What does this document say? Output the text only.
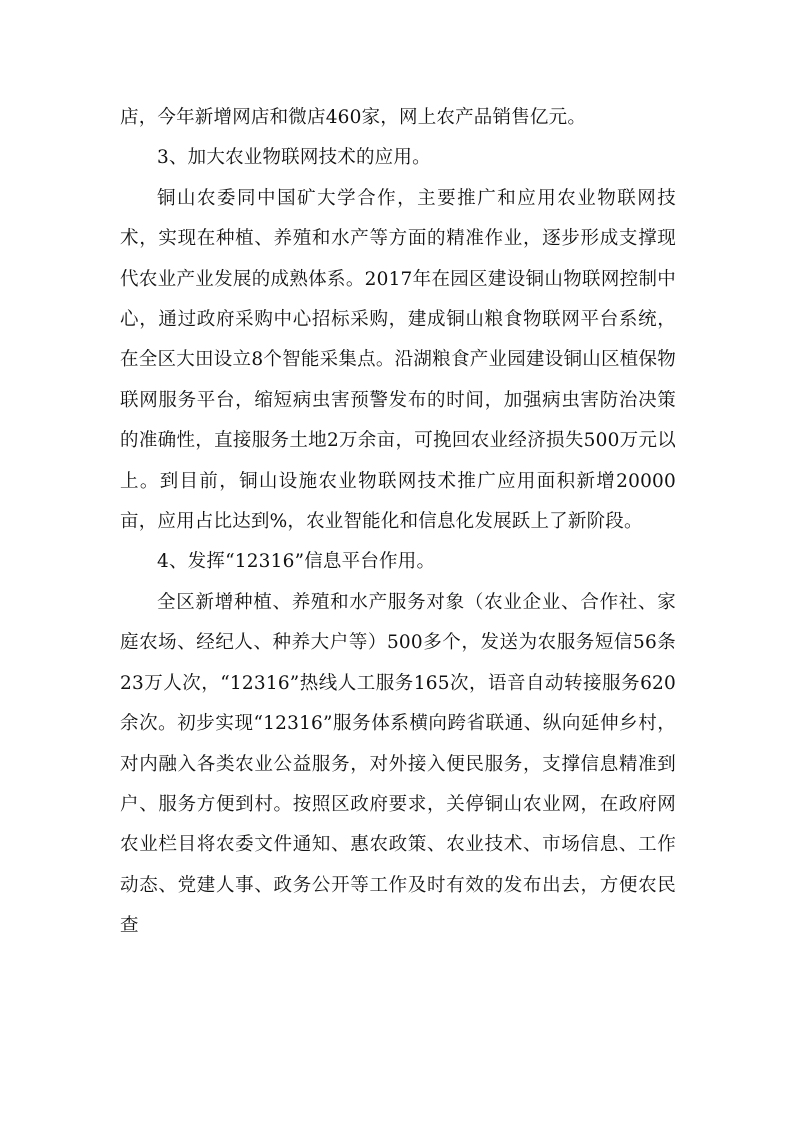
店，今年新增网店和微店460家，网上农产品销售亿元。

3、加大农业物联网技术的应用。

铜山农委同中国矿大学合作，主要推广和应用农业物联网技术，实现在种植、养殖和水产等方面的精准作业，逐步形成支撑现代农业产业发展的成熟体系。2017年在园区建设铜山物联网控制中心，通过政府采购中心招标采购，建成铜山粮食物联网平台系统，在全区大田设立8个智能采集点。沿湖粮食产业园建设铜山区植保物联网服务平台，缩短病虫害预警发布的时间，加强病虫害防治决策的准确性，直接服务土地2万余亩，可挽回农业经济损失500万元以上。到目前，铜山设施农业物联网技术推广应用面积新增20000亩，应用占比达到%，农业智能化和信息化发展跃上了新阶段。

4、发挥“12316”信息平台作用。

全区新增种植、养殖和水产服务对象（农业企业、合作社、家庭农场、经纪人、种养大户等）500多个，发送为农服务短信56条23万人次，“12316”热线人工服务165次，语音自动转接服务620余次。初步实现“12316”服务体系横向跨省联通、纵向延伸乡村，对内融入各类农业公益服务，对外接入便民服务，支撑信息精准到户、服务方便到村。按照区政府要求，关停铜山农业网，在政府网农业栏目将农委文件通知、惠农政策、农业技术、市场信息、工作动态、党建人事、政务公开等工作及时有效的发布出去，方便农民查
